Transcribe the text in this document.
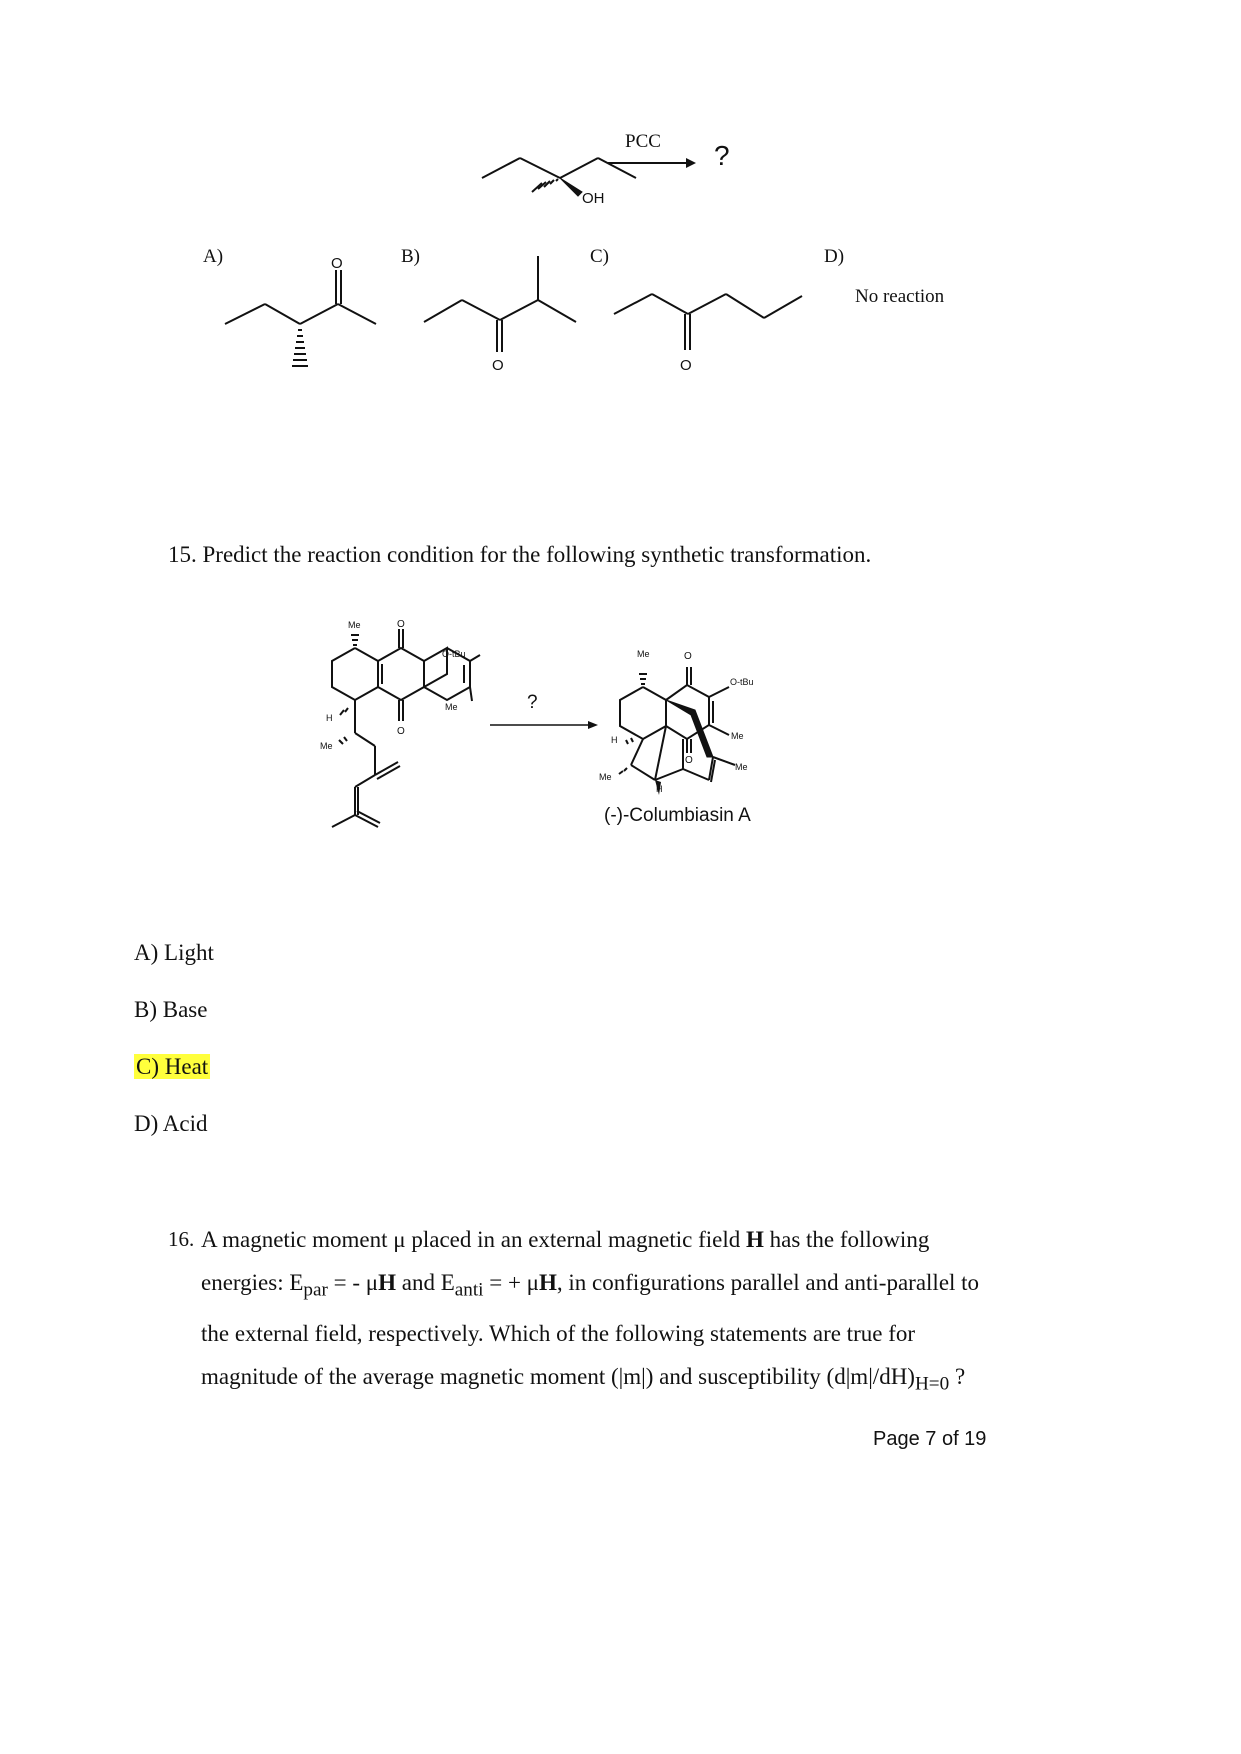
OH
PCC ?
A)	O	B)
O
C)
O
D)
No reaction
15. Predict the reaction condition for the following synthetic transformation.
Me	O
O-tBu
Me
H
Me
O
?
Me	O
O-tBu
Me
Me
H
Me
H
O
(-)-Columbiasin A
A) Light
B) Base
C) Heat
D) Acid
16. A magnetic moment μ placed in an external magnetic field H has the following
energies: $E_{par}$ = - μH and $E_{anti}$ = + μH, in configurations parallel and anti-parallel to
the external field, respectively. Which of the following statements are true for
magnitude of the average magnetic moment (|m|) and susceptibility $(d|m|/dH)_{H=0}$ ?
Page 7 of 19
